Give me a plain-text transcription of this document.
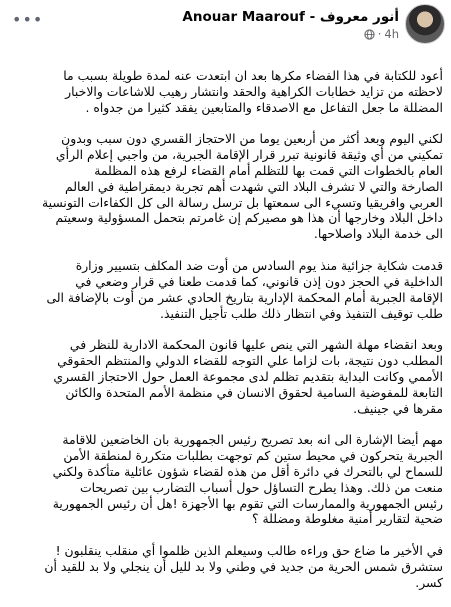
أنور معروف - Anouar Maarouf
4h
·
•••

أعود للكتابة في هذا الفضاء مكرها بعد ان ابتعدت عنه لمدة طويلة بسبب ما
لاحظته من تزايد خطابات الكراهية والحقد وانتشار رهيب للاشاعات والاخبار
المضللة ما جعل التفاعل مع الاصدقاء والمتابعين يفقد كثيرا من جدواه .

لكني اليوم وبعد أكثر من أربعين يوما من الاحتجاز القسري دون سبب وبدون
تمكيني من أي وثيقة قانونية تبرر قرار الإقامة الجبرية، من واجبي إعلام الرأي
العام بالخطوات التي قمت بها للتظلم أمام القضاء لرفع هذه المظلمة
الصارخة والتي لا تشرف البلاد التي شهدت أهم تجربة ديمقراطية في العالم
العربي وافريقيا وتسيء الى سمعتها بل ترسل رسالة الى كل الكفاءات التونسية
داخل البلاد وخارجها أن هذا هو مصيركم إن غامرتم بتحمل المسؤولية وسعيتم
الى خدمة البلاد واصلاحها.

قدمت شكاية جزائية منذ يوم السادس من أوت ضد المكلف بتسيير وزارة
الداخلية في الحجز دون إذن قانوني، كما قدمت طعنا في قرار وضعي في
الإقامة الجبرية أمام المحكمة الإدارية بتاريخ الحادي عشر من أوت بالإضافة الى
طلب توقيف التنفيذ وفي انتظار ذلك طلب تأجيل التنفيذ.

وبعد انقضاء مهلة الشهر التي ينص عليها قانون المحكمة الادارية للنظر في
المطلب دون نتيجة، بات لزاما علي التوجه للقضاء الدولي والمنتظم الحقوقي
الأممي وكانت البداية بتقديم تظلم لدى مجموعة العمل حول الاحتجاز القسري
التابعة للمفوضية السامية لحقوق الانسان في منظمة الأمم المتحدة والكائن
مقرها في جينيف.

مهم أيضا الإشارة الى انه بعد تصريح رئيس الجمهورية بان الخاضعين للاقامة
الجبرية يتحركون في محيط ستين كم توجهت بطلبات متكررة لمنطقة الأمن
للسماح لي بالتحرك في دائرة أقل من هذه لقضاء شؤون عائلية متأكدة ولكني
منعت من ذلك. وهذا يطرح التساؤل حول أسباب التضارب بين تصريحات
رئيس الجمهورية والممارسات التي تقوم بها الأجهزة !هل أن رئيس الجمهورية
ضحية لتقارير أمنية مغلوطة ومضللة ؟

في الأخير ما ضاع حق وراءه طالب وسيعلم الذين ظلموا أي منقلب ينقلبون !
ستشرق شمس الحرية من جديد في وطني ولا بد لليل أن ينجلي ولا بد للقيد أن
كسر.
